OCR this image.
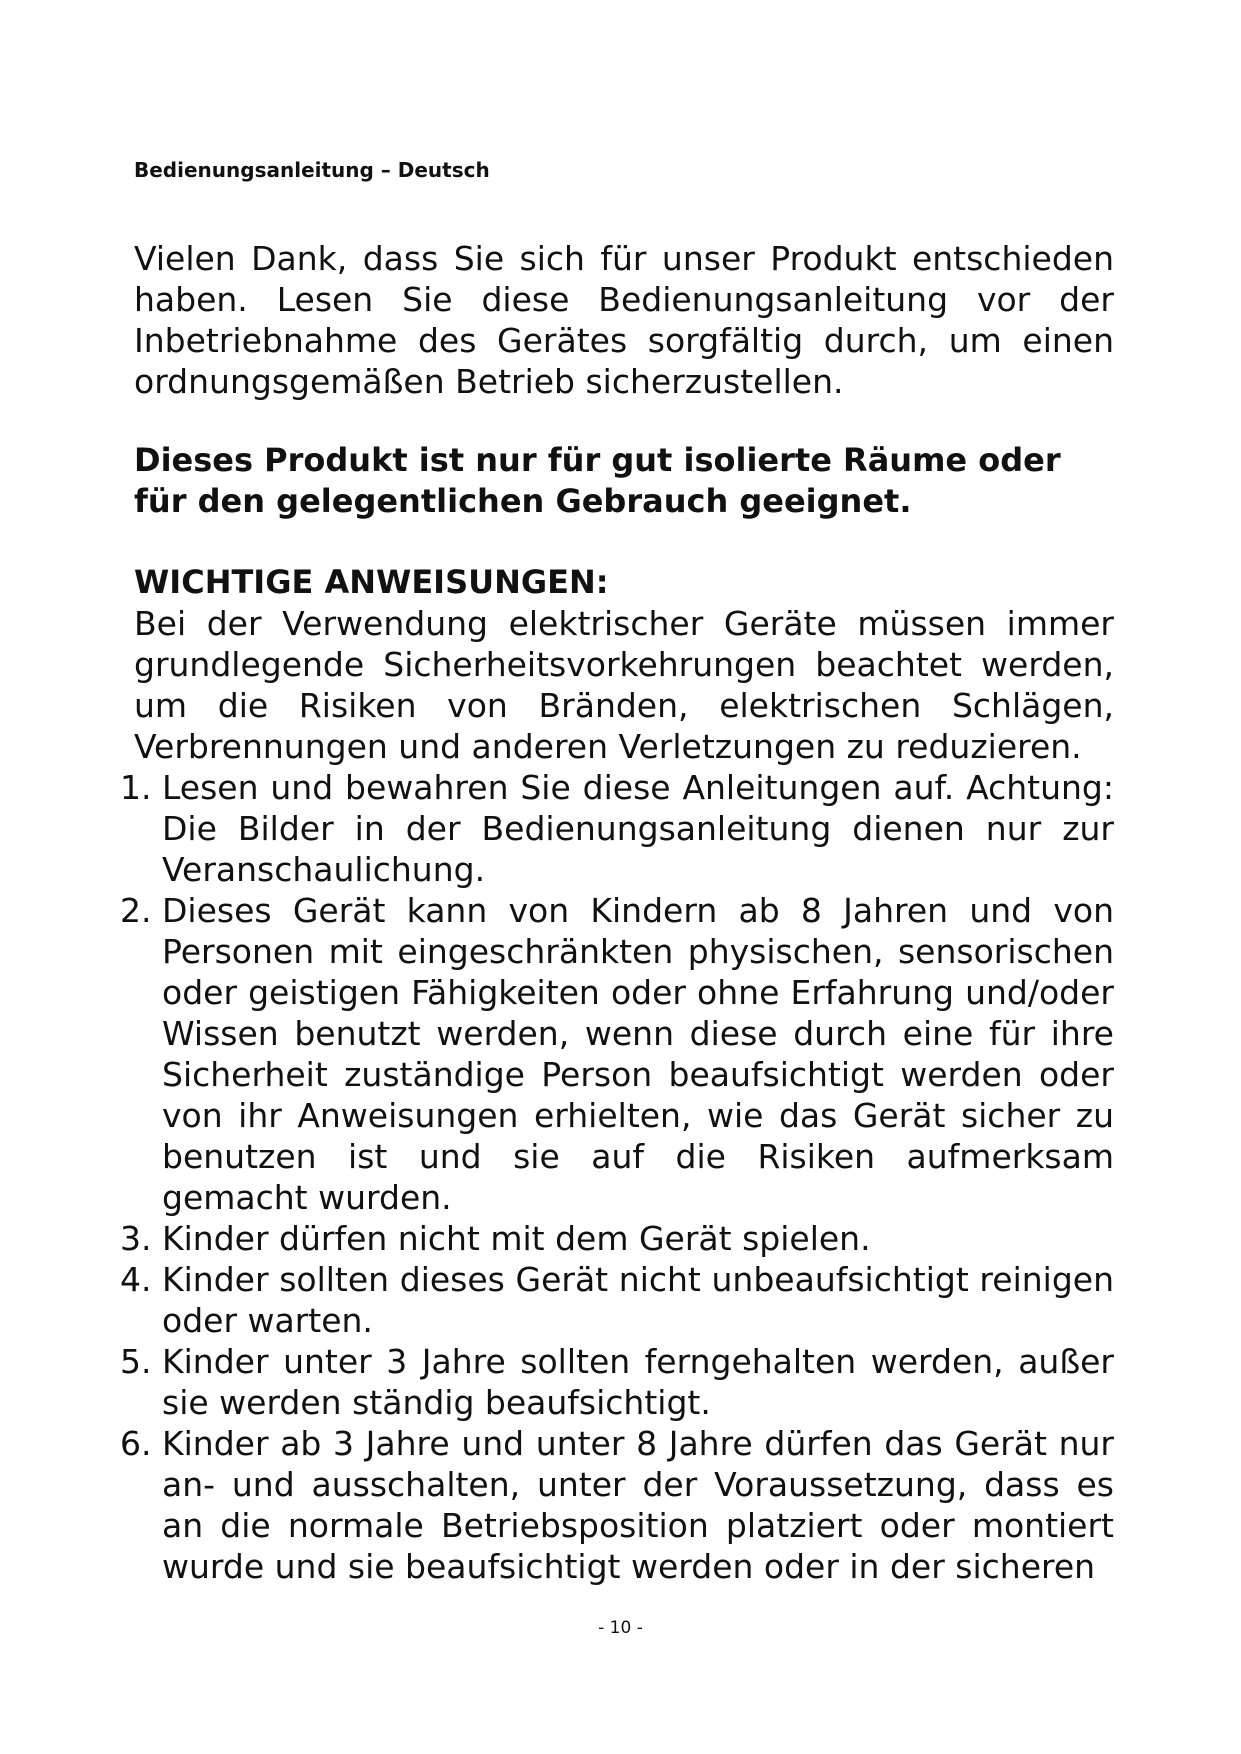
Bedienungsanleitung – Deutsch

Vielen Dank, dass Sie sich für unser Produkt entschieden haben. Lesen Sie diese Bedienungsanleitung vor der Inbetriebnahme des Gerätes sorgfältig durch, um einen ordnungsgemäßen Betrieb sicherzustellen.

Dieses Produkt ist nur für gut isolierte Räume oder für den gelegentlichen Gebrauch geeignet.

WICHTIGE ANWEISUNGEN:

Bei der Verwendung elektrischer Geräte müssen immer grundlegende Sicherheitsvorkehrungen beachtet werden, um die Risiken von Bränden, elektrischen Schlägen, Verbrennungen und anderen Verletzungen zu reduzieren.

1. Lesen und bewahren Sie diese Anleitungen auf. Achtung: Die Bilder in der Bedienungsanleitung dienen nur zur Veranschaulichung.
2. Dieses Gerät kann von Kindern ab 8 Jahren und von Personen mit eingeschränkten physischen, sensorischen oder geistigen Fähigkeiten oder ohne Erfahrung und/oder Wissen benutzt werden, wenn diese durch eine für ihre Sicherheit zuständige Person beaufsichtigt werden oder von ihr Anweisungen erhielten, wie das Gerät sicher zu benutzen ist und sie auf die Risiken aufmerksam gemacht wurden.
3. Kinder dürfen nicht mit dem Gerät spielen.
4. Kinder sollten dieses Gerät nicht unbeaufsichtigt reinigen oder warten.
5. Kinder unter 3 Jahre sollten ferngehalten werden, außer sie werden ständig beaufsichtigt.
6. Kinder ab 3 Jahre und unter 8 Jahre dürfen das Gerät nur an- und ausschalten, unter der Voraussetzung, dass es an die normale Betriebsposition platziert oder montiert wurde und sie beaufsichtigt werden oder in der sicheren
- 10 -
